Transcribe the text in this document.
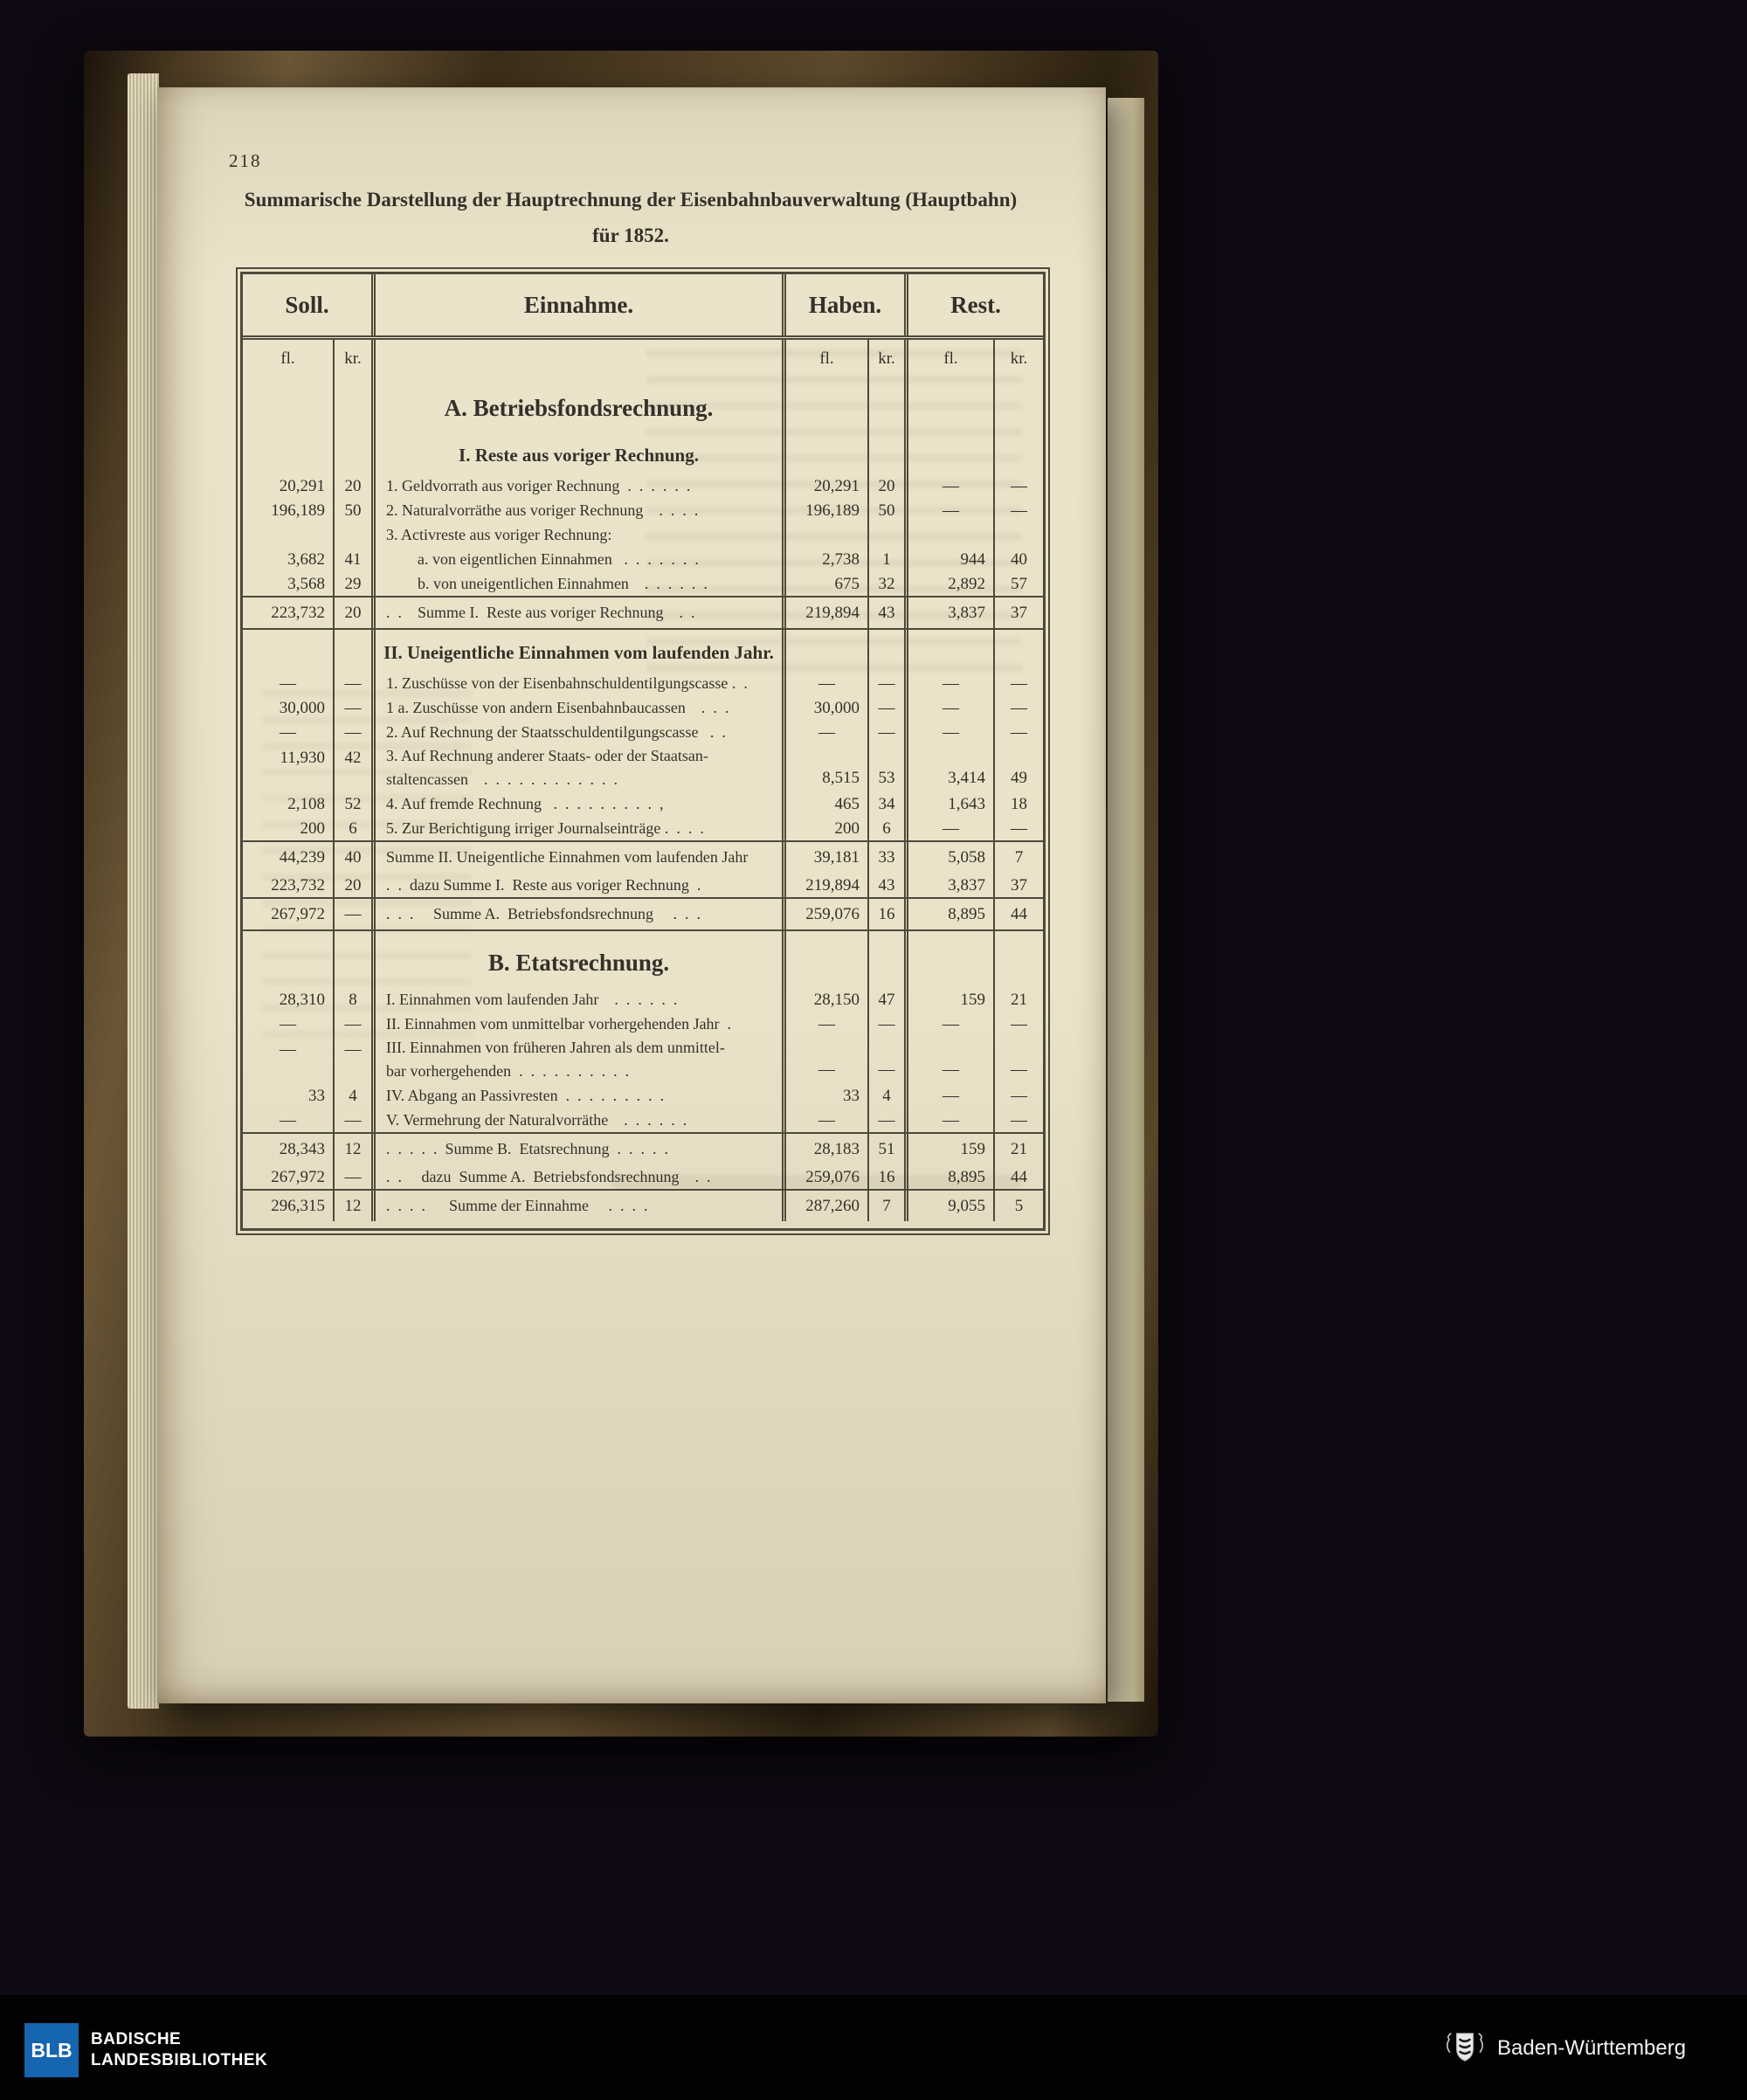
218
Summarische Darstellung der Hauptrechnung der Eisenbahnbauverwaltung (Hauptbahn)
für 1852.
Soll.	Einnahme.	Haben.	Rest.
fl.	kr.	fl.	kr.	fl.	kr.
A. Betriebsfondsrechnung.
I. Reste aus voriger Rechnung.
20,291	20	1. Geldvorrath aus voriger Rechnung  .  .  .  .  .  .	20,291	20	—	—
196,189	50	2. Naturalvorräthe aus voriger Rechnung    .  .  .  .	196,189	50	—	—
3. Activreste aus voriger Rechnung:
3,682	41	a. von eigentlichen Einnahmen   .  .  .  .  .  .  .	2,738	1	944	40
3,568	29	b. von uneigentlichen Einnahmen    .  .  .  .  .  .	675	32	2,892	57
223,732	20	.  .    Summe I.  Reste aus voriger Rechnung    .  .	219,894	43	3,837	37
II. Uneigentliche Einnahmen vom laufenden Jahr.
—	—	1. Zuschüsse von der Eisenbahnschuldentilgungscasse .  .	—	—	—	—
30,000	—	1 a. Zuschüsse von andern Eisenbahnbaucassen    .  .  .	30,000	—	—	—
—	—	2. Auf Rechnung der Staatsschuldentilgungscasse   .  .	—	—	—	—
11,930	42	3. Auf Rechnung anderer Staats- oder der Staatsan-
staltencassen    .  .  .  .  .  .  .  .  .  .  .  .	8,515	53	3,414	49
2,108	52	4. Auf fremde Rechnung   .  .  .  .  .  .  .  .  .  ,	465	34	1,643	18
200	6	5. Zur Berichtigung irriger Journalseinträge .  .  .  .	200	6	—	—
44,239	40	Summe II. Uneigentliche Einnahmen vom laufenden Jahr	39,181	33	5,058	7
223,732	20	.  .  dazu Summe I.  Reste aus voriger Rechnung  .	219,894	43	3,837	37
267,972	—	.  .  .     Summe A.  Betriebsfondsrechnung     .  .  .	259,076	16	8,895	44
B. Etatsrechnung.
28,310	8	I. Einnahmen vom laufenden Jahr    .  .  .  .  .  .	28,150	47	159	21
—	—	II. Einnahmen vom unmittelbar vorhergehenden Jahr  .	—	—	—	—
—	—	III. Einnahmen von früheren Jahren als dem unmittel-
bar vorhergehenden  .  .  .  .  .  .  .  .  .  .	—	—	—	—
33	4	IV. Abgang an Passivresten  .  .  .  .  .  .  .  .  .	33	4	—	—
—	—	V. Vermehrung der Naturalvorräthe    .  .  .  .  .  .	—	—	—	—
28,343	12	.  .  .  .  .  Summe B.  Etatsrechnung  .  .  .  .  .	28,183	51	159	21
267,972	—	.  .     dazu  Summe A.  Betriebsfondsrechnung    .  .	259,076	16	8,895	44
296,315	12	.  .  .  .      Summe der Einnahme     .  .  .  .	287,260	7	9,055	5
BLB	BADISCHE
LANDESBIBLIOTHEK
Baden-Württemberg
